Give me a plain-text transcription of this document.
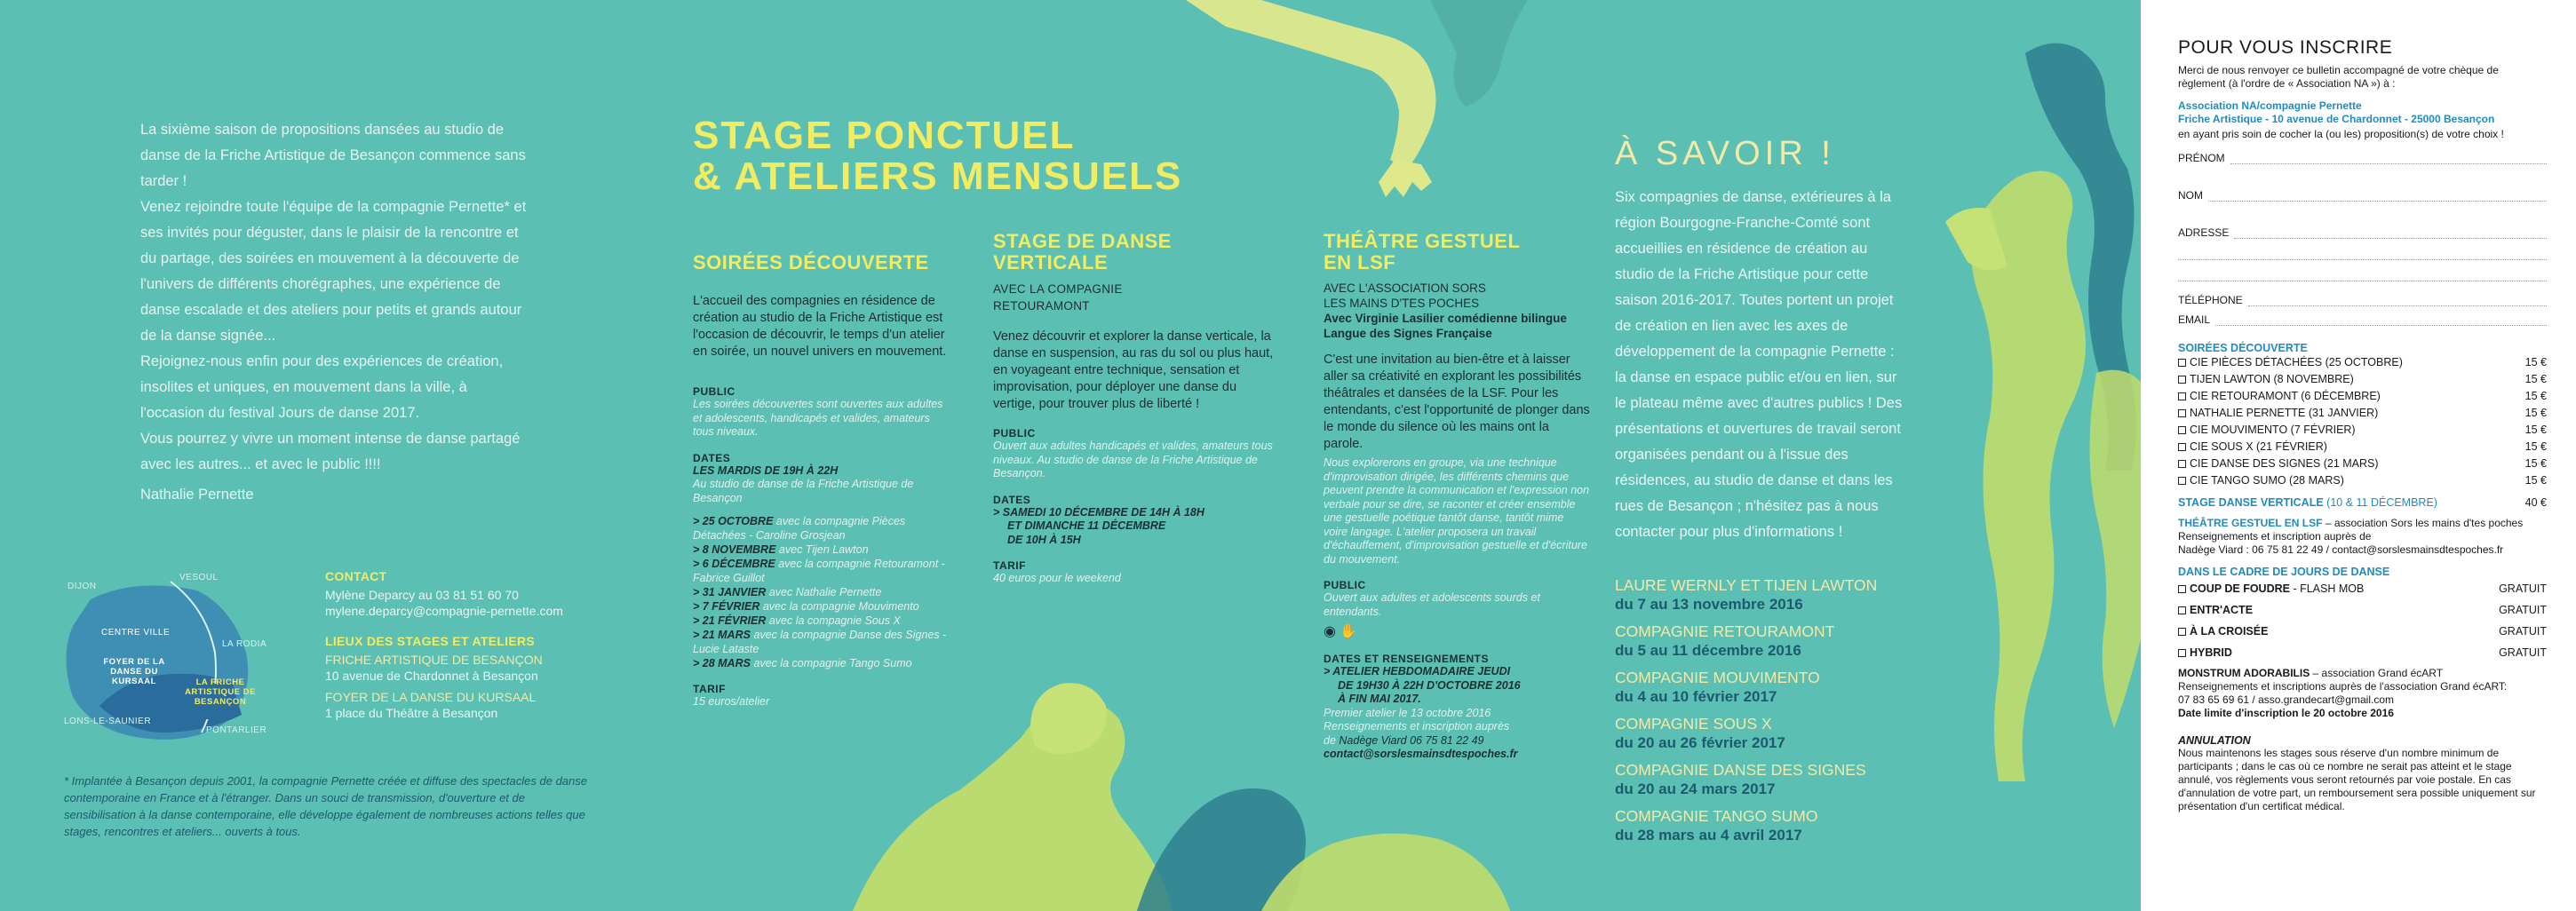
La sixième saison de propositions dansées au studio de danse de la Friche Artistique de Besançon commence sans tarder !

Venez rejoindre toute l'équipe de la compagnie Pernette* et ses invités pour déguster, dans le plaisir de la rencontre et du partage, des soirées en mouvement à la découverte de l'univers de différents chorégraphes, une expérience de danse escalade et des ateliers pour petits et grands autour de la danse signée...

Rejoignez-nous enfin pour des expériences de création, insolites et uniques, en mouvement dans la ville, à l'occasion du festival Jours de danse 2017.

Vous pourrez y vivre un moment intense de danse partagé avec les autres... et avec le public !!!!

Nathalie Pernette
DIJON
VESOUL
CENTRE VILLE
LA RODIA
FOYER DE LA DANSE DU KURSAAL	LA FRICHE ARTISTIQUE DE BESANÇON
LONS-LE-SAUNIER
PONTARLIER
CONTACT
Mylène Deparcy au 03 81 51 60 70
mylene.deparcy@compagnie-pernette.com
LIEUX DES STAGES ET ATELIERS
FRICHE ARTISTIQUE DE BESANÇON
10 avenue de Chardonnet à Besançon
FOYER DE LA DANSE DU KURSAAL
1 place du Théâtre à Besançon
* Implantée à Besançon depuis 2001, la compagnie Pernette créée et diffuse des spectacles de danse contemporaine en France et à l'étranger. Dans un souci de transmission, d'ouverture et de sensibilisation à la danse contemporaine, elle développe également de nombreuses actions telles que stages, rencontres et ateliers... ouverts à tous.
STAGE PONCTUEL
& ATELIERS MENSUELS
SOIRÉES DÉCOUVERTE
L'accueil des compagnies en résidence de création au studio de la Friche Artistique est l'occasion de découvrir, le temps d'un atelier en soirée, un nouvel univers en mouvement.
PUBLIC
Les soirées découvertes sont ouvertes aux adultes et adolescents, handicapés et valides, amateurs tous niveaux.
DATES
LES MARDIS DE 19H À 22H
Au studio de danse de la Friche Artistique de Besançon
> 25 OCTOBRE avec la compagnie Pièces Détachées - Caroline Grosjean
> 8 NOVEMBRE avec Tijen Lawton
> 6 DÉCEMBRE avec la compagnie Retouramont - Fabrice Guillot
> 31 JANVIER avec Nathalie Pernette
> 7 FÉVRIER avec la compagnie Mouvimento
> 21 FÉVRIER avec la compagnie Sous X
> 21 MARS avec la compagnie Danse des Signes - Lucie Lataste
> 28 MARS avec la compagnie Tango Sumo
TARIF
15 euros/atelier
STAGE DE DANSE
VERTICALE
AVEC LA COMPAGNIE
RETOURAMONT
Venez découvrir et explorer la danse verticale, la danse en suspension, au ras du sol ou plus haut, en voyageant entre technique, sensation et improvisation, pour déployer une danse du vertige, pour trouver plus de liberté !
PUBLIC
Ouvert aux adultes handicapés et valides, amateurs tous niveaux. Au studio de danse de la Friche Artistique de Besançon.
DATES
> SAMEDI 10 DÉCEMBRE DE 14H À 18H
ET DIMANCHE 11 DÉCEMBRE
DE 10H À 15H
TARIF
40 euros pour le weekend
THÉÂTRE GESTUEL
EN LSF
AVEC L'ASSOCIATION SORS
LES MAINS D'TES POCHES
Avec Virginie Lasilier comédienne bilingue Langue des Signes Française
C'est une invitation au bien-être et à laisser aller sa créativité en explorant les possibilités théâtrales et dansées de la LSF. Pour les entendants, c'est l'opportunité de plonger dans le monde du silence où les mains ont la parole.
Nous explorerons en groupe, via une technique d'improvisation dirigée, les différents chemins que peuvent prendre la communication et l'expression non verbale pour se dire, se raconter et créer ensemble une gestuelle poétique tantôt danse, tantôt mime voire langage. L'atelier proposera un travail d'échauffement, d'improvisation gestuelle et d'écriture du mouvement.
PUBLIC
Ouvert aux adultes et adolescents sourds et entendants.
◉ ✋
DATES ET RENSEIGNEMENTS
> ATELIER HEBDOMADAIRE JEUDI
DE 19H30 À 22H D'OCTOBRE 2016
À FIN MAI 2017.
Premier atelier le 13 octobre 2016
Renseignements et inscription auprès
de Nadège Viard 06 75 81 22 49
contact@sorslesmainsdtespoches.fr
À SAVOIR !
Six compagnies de danse, extérieures à la région Bourgogne-Franche-Comté sont accueillies en résidence de création au studio de la Friche Artistique pour cette saison 2016-2017. Toutes portent un projet de création en lien avec les axes de développement de la compagnie Pernette : la danse en espace public et/ou en lien, sur le plateau même avec d'autres publics ! Des présentations et ouvertures de travail seront organisées pendant ou à l'issue des résidences, au studio de danse et dans les rues de Besançon ; n'hésitez pas à nous contacter pour plus d'informations !
LAURE WERNLY ET TIJEN LAWTON
du 7 au 13 novembre 2016
COMPAGNIE RETOURAMONT
du 5 au 11 décembre 2016
COMPAGNIE MOUVIMENTO
du 4 au 10 février 2017
COMPAGNIE SOUS X
du 20 au 26 février 2017
COMPAGNIE DANSE DES SIGNES
du 20 au 24 mars 2017
COMPAGNIE TANGO SUMO
du 28 mars au 4 avril 2017
POUR VOUS INSCRIRE
Merci de nous renvoyer ce bulletin accompagné de votre chèque de règlement (à l'ordre de « Association NA ») à :
Association NA/compagnie Pernette
Friche Artistique - 10 avenue de Chardonnet - 25000 Besançon
en ayant pris soin de cocher la (ou les) proposition(s) de votre choix !
PRÉNOM
NOM
ADRESSE
TÉLÉPHONE
EMAIL
SOIRÉES DÉCOUVERTE
CIE PIÈCES DÉTACHÉES (25 OCTOBRE)	15 €
TIJEN LAWTON (8 NOVEMBRE)	15 €
CIE RETOURAMONT (6 DÉCEMBRE)	15 €
NATHALIE PERNETTE (31 JANVIER)	15 €
CIE MOUVIMENTO (7 FÉVRIER)	15 €
CIE SOUS X (21 FÉVRIER)	15 €
CIE DANSE DES SIGNES (21 MARS)	15 €
CIE TANGO SUMO (28 MARS)	15 €
STAGE DANSE VERTICALE (10 & 11 DÉCEMBRE)	40 €
THÉÂTRE GESTUEL EN LSF – association Sors les mains d'tes poches
Renseignements et inscription auprès de
Nadège Viard : 06 75 81 22 49 / contact@sorslesmainsdtespoches.fr
DANS LE CADRE DE JOURS DE DANSE
COUP DE FOUDRE - FLASH MOB	GRATUIT
ENTR'ACTE	GRATUIT
À LA CROISÉE	GRATUIT
HYBRID	GRATUIT
MONSTRUM ADORABILIS – association Grand écART
Renseignements et inscriptions auprès de l'association Grand écART:
07 83 65 69 61 / asso.grandecart@gmail.com
Date limite d'inscription le 20 octobre 2016
ANNULATION
Nous maintenons les stages sous réserve d'un nombre minimum de participants ; dans le cas où ce nombre ne serait pas atteint et le stage annulé, vos règlements vous seront retournés par voie postale. En cas d'annulation de votre part, un remboursement sera possible uniquement sur présentation d'un certificat médical.
